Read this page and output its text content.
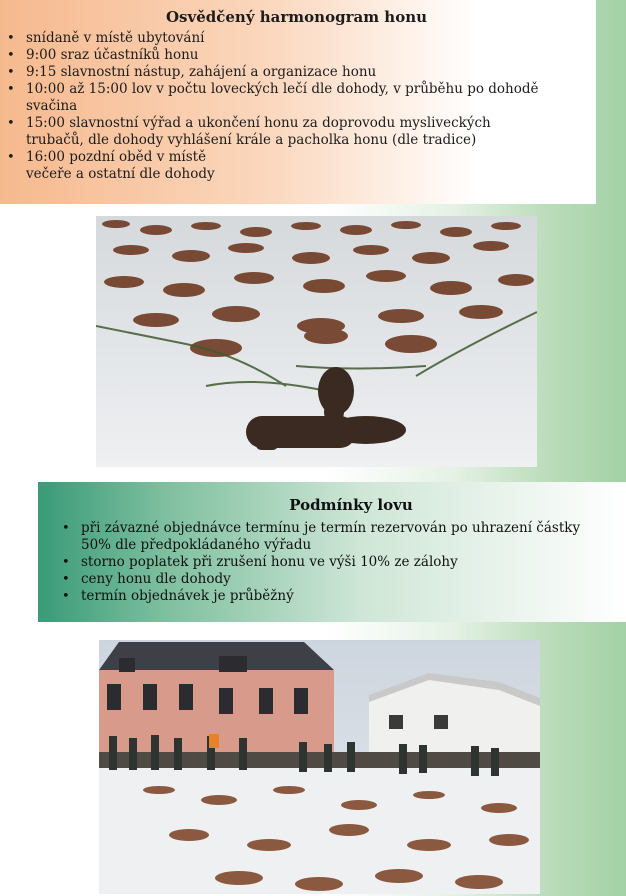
Osvědčený harmonogram honu
• snídaně v místě ubytování
• 9:00 sraz účastníků honu
• 9:15 slavnostní nástup, zahájení a organizace honu
• 10:00 až 15:00 lov v počtu loveckých lečí dle dohody, v průběhu po dohodě
svačina
• 15:00 slavnostní výřad a ukončení honu za doprovodu mysliveckých
trubačů, dle dohody vyhlášení krále a pacholka honu (dle tradice)
• 16:00 pozdní oběd v místě
večeře a ostatní dle dohody
Podmínky lovu
• při závazné objednávce termínu je termín rezervován po uhrazení částky
50% dle předpokládaného výřadu
• storno poplatek při zrušení honu ve výši 10% ze zálohy
• ceny honu dle dohody
• termín objednávek je průběžný
